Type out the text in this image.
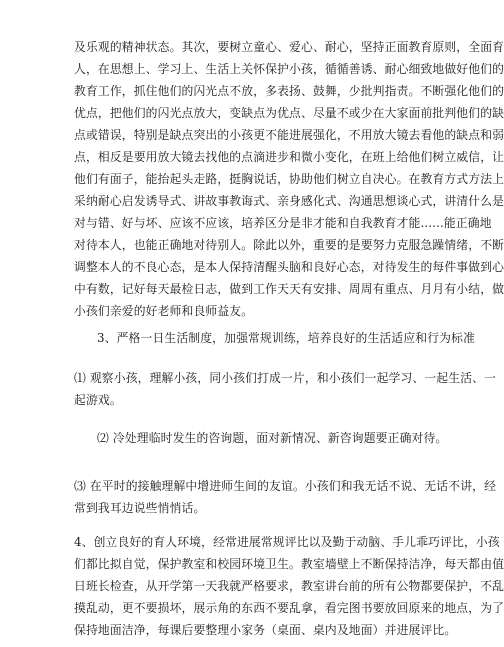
及乐观的精神状态。其次，要树立童心、爱心、耐心，坚持正面教育原则，全面育
人，在思想上、学习上、生活上关怀保护小孩，循循善诱、耐心细致地做好他们的
教育工作，抓住他们的闪光点不放，多表扬、鼓舞，少批判指责。不断强化他们的
优点，把他们的闪光点放大，变缺点为优点、尽量不或少在大家面前批判他们的缺
点或错误，特别是缺点突出的小孩更不能进展强化，不用放大镜去看他的缺点和弱
点，相反是要用放大镜去找他的点滴进步和微小变化，在班上给他们树立威信，让
他们有面子，能抬起头走路，挺胸说话，协助他们树立自决心。在教育方式方法上
采纳耐心启发诱导式、讲故事教诲式、亲身感化式、沟通思想谈心式，讲清什么是
对与错、好与坏、应该不应该，培养区分是非才能和自我教育才能......能正确地
对待本人，也能正确地对待别人。除此以外，重要的是要努力克服急躁情绪，不断
调整本人的不良心态，是本人保持清醒头脑和良好心态，对待发生的每件事做到心
中有数，记好每天最检日志，做到工作天天有安排、周周有重点、月月有小结，做
小孩们亲爱的好老师和良师益友。
3、严格一日生活制度，加强常规训练，培养良好的生活适应和行为标准
⑴ 观察小孩，理解小孩，同小孩们打成一片，和小孩们一起学习、一起生活、一
起游戏。
⑵ 冷处理临时发生的咨询题，面对新情况、新咨询题要正确对待。
⑶ 在平时的接触理解中增进师生间的友谊。小孩们和我无话不说、无话不讲，经
常到我耳边说些悄悄话。
4、创立良好的育人环境，经常进展常规评比以及勤于动脑、手儿乖巧评比，小孩
们都比拟自觉，保护教室和校园环境卫生。教室墙壁上不断保持洁净，每天都由值
日班长检查，从开学第一天我就严格要求，教室讲台前的所有公物都要保护，不乱
摸乱动，更不要损坏，展示角的东西不要乱拿，看完图书要放回原来的地点，为了
保持地面洁净，每课后要整理小家务（桌面、桌内及地面）并进展评比。
